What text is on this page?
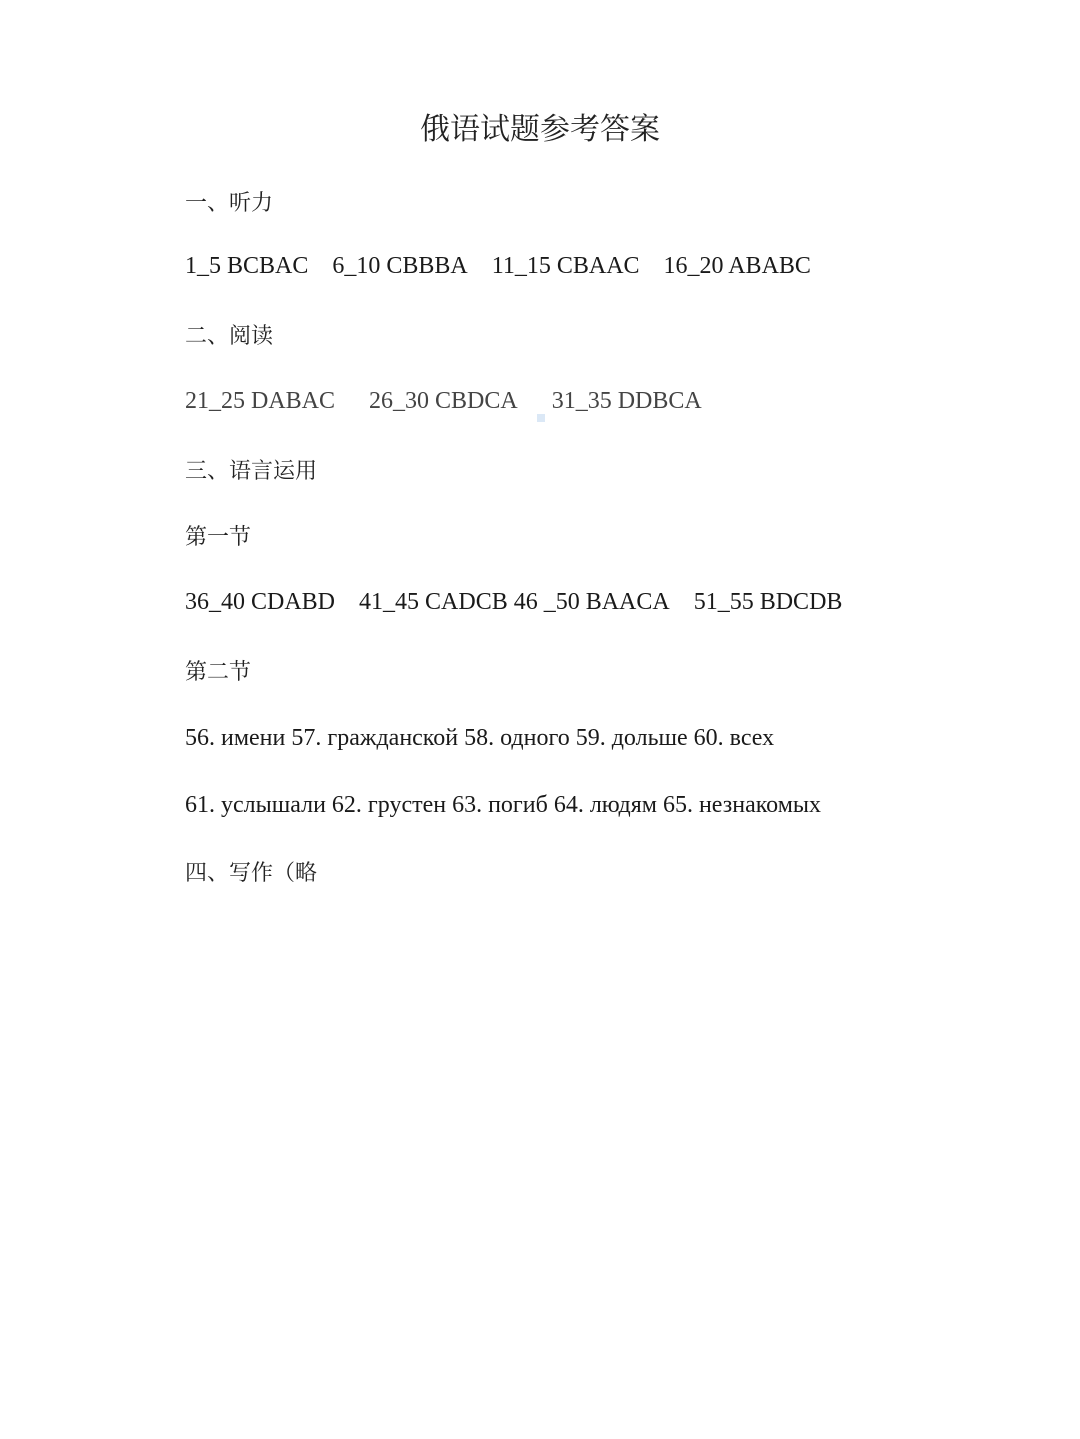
俄语试题参考答案
一、听力
1_5 BCBAC 6_10 CBBBA 11_15 CBAAC 16_20 ABABC
二、阅读
21_25 DABAC 26_30 CBDCA 31_35 DDBCA
三、语言运用
第一节
36_40 CDABD 41_45 CADCB 46 _50 BAACA 51_55 BDCDB
第二节
56. имени 57. гражданской 58. одного 59. дольше 60. всех
61. услышали 62. грустен 63. погиб 64. людям 65. незнакомых
四、写作（略
